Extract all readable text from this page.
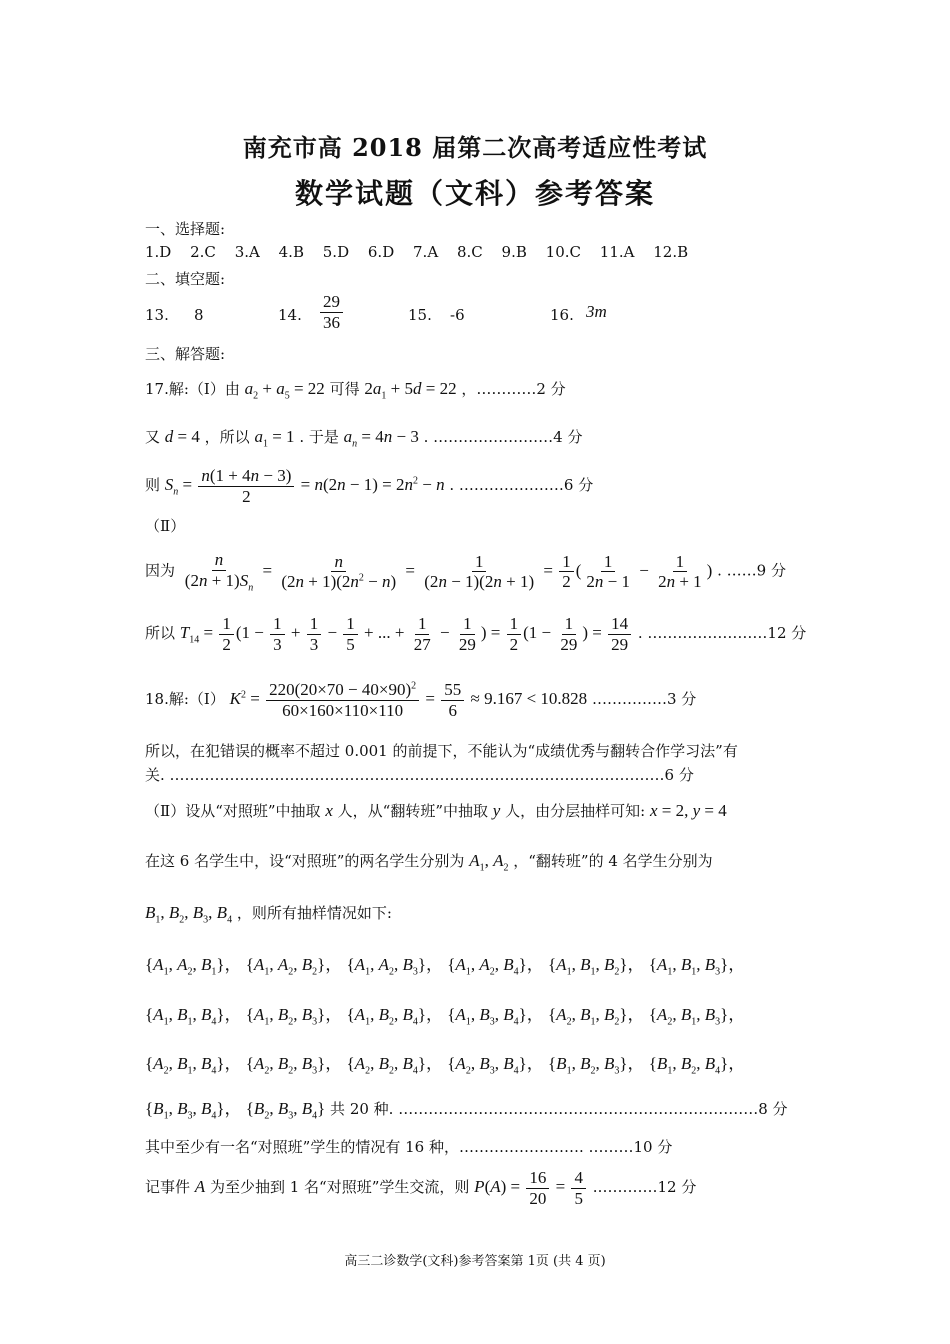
南充市高 2018 届第二次高考适应性考试
数学试题（文科）参考答案
一、选择题:
1.D 2.C 3.A 4.B 5.D 6.D 7.A 8.C 9.B 10.C 11.A 12.B
二、填空题:
13. 8	14. $\frac{29}{36}$	15. -6	16. 3m
三、解答题:
17.解:（Ⅰ）由 $a_2 + a_5 = 22$ 可得 $2a_1 + 5d = 22$ ，…………2 分
又 d = 4 ，所以 $a_1 = 1$ . 于是 $a_n = 4n - 3$ . ……………………4 分
则 $S_n = \frac{n(1 + 4n - 3)}{2} = n(2n - 1) = 2n^2 - n$ . …………………6 分
（Ⅱ）
因为 $\frac{n}{(2n + 1)S_n} = \frac{n}{(2n + 1)(2n^2 - n)} = \frac{1}{(2n - 1)(2n + 1)} = \frac{1}{2}$ ( $\frac{1}{2n - 1} - \frac{1}{2n + 1}$ ) . ……9 分
所以 $T_{14} = \frac{1}{2} (1 - \frac{1}{3} + \frac{1}{3} - \frac{1}{5}$ + ... + $\frac{1}{27} - \frac{1}{29}$ ) = $\frac{1}{2} (1 - \frac{1}{29}$ ) = $\frac{14}{29}$ . ……………………12 分
18.解:（Ⅰ） $K^2 = \frac{220(20\times 70 - 40\times 90)^2}{60\times 160\times 110\times 110} = \frac{55}{6} \approx 9.167 < 10.828$ ……………3 分
所以，在犯错误的概率不超过 0.001 的前提下，不能认为“成绩优秀与翻转合作学习法”有
关. ………………………………………………………………………………………6 分
（Ⅱ）设从“对照班”中抽取 x 人，从“翻转班”中抽取 y 人，由分层抽样可知: x = 2, y = 4
在这 6 名学生中，设“对照班”的两名学生分别为 $A_1$, $A_2$ ，“翻转班”的 4 名学生分别为
$B_1$, $B_2$, $B_3$, $B_4$ ，则所有抽样情况如下:
{$A_1$, $A_2$, $B_1$}， {$A_1$, $A_2$, $B_2$}， {$A_1$, $A_2$, $B_3$}， {$A_1$, $A_2$, $B_4$}， {$A_1$, $B_1$, $B_2$}， {$A_1$, $B_1$, $B_3$}，
{$A_1$, $B_1$, $B_4$}， {$A_1$, $B_2$, $B_3$}， {$A_1$, $B_2$, $B_4$}， {$A_1$, $B_3$, $B_4$}， {$A_2$, $B_1$, $B_2$}， {$A_2$, $B_1$, $B_3$}，
{$A_2$, $B_1$, $B_4$}， {$A_2$, $B_2$, $B_3$}， {$A_2$, $B_2$, $B_4$}， {$A_2$, $B_3$, $B_4$}， {$B_1$, $B_2$, $B_3$}， {$B_1$, $B_2$, $B_4$}，
{$B_1$, $B_3$, $B_4$}， {$B_2$, $B_3$, $B_4$} 共 20 种. ………………………………………………………………8 分
其中至少有一名“对照班”学生的情况有 16 种，……………………. ………10 分
记事件 A 为至少抽到 1 名“对照班”学生交流，则 $P(A) = \frac{16}{20} = \frac{4}{5}$ .…………12 分
高三二诊数学(文科)参考答案第 1页 (共 4 页)
